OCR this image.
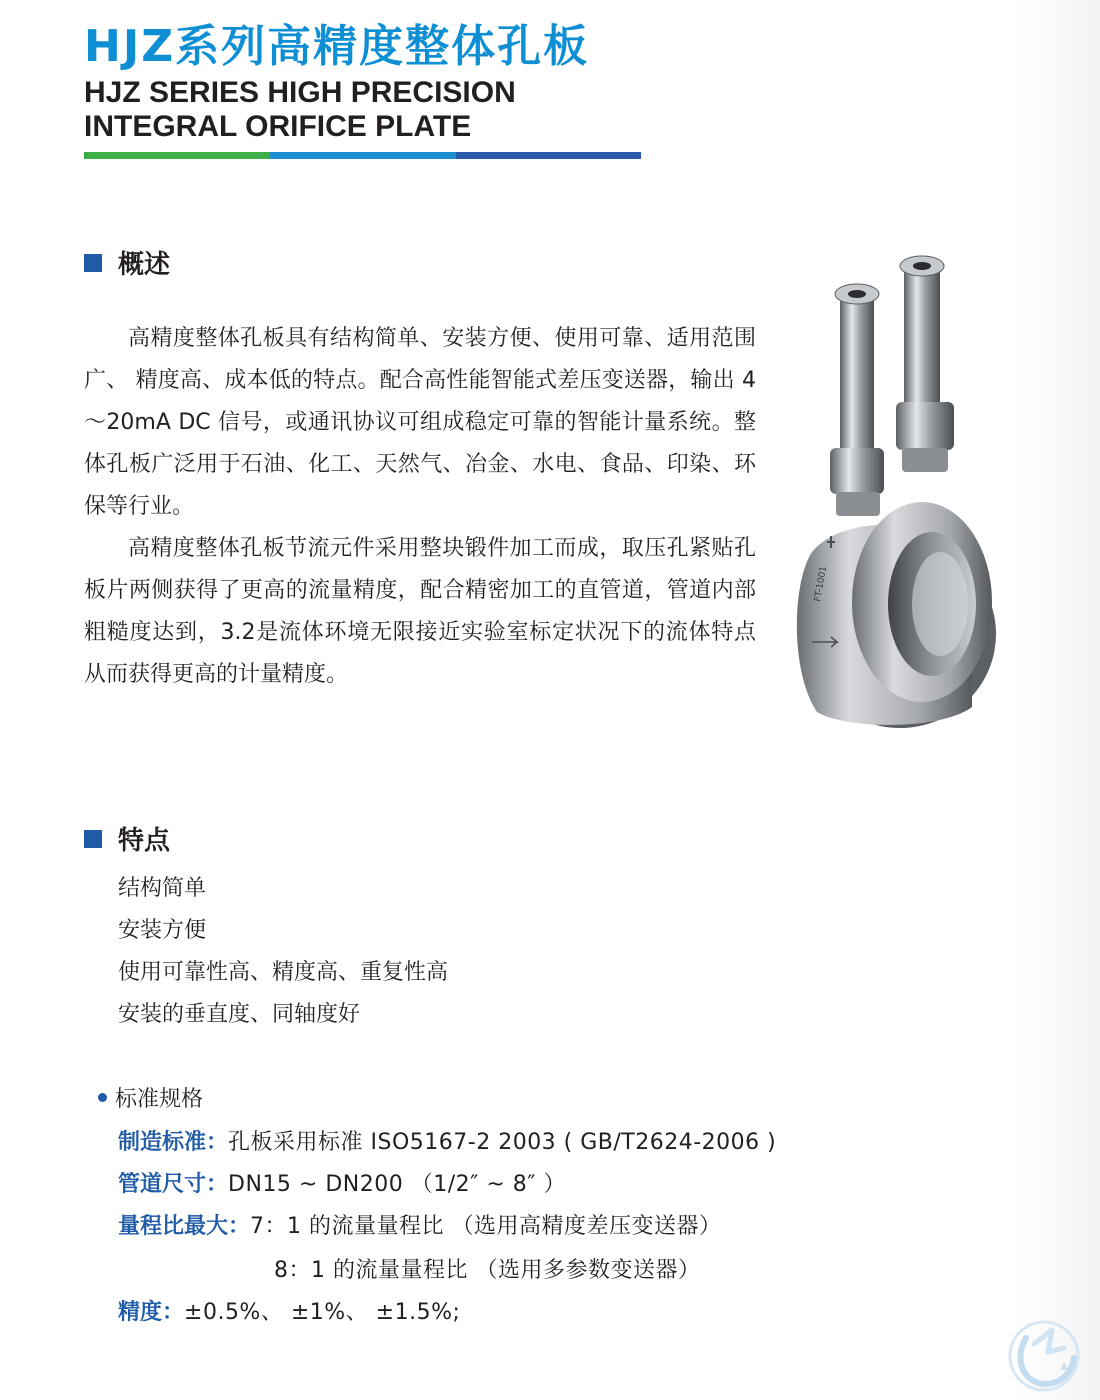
HJZ系列高精度整体孔板
HJZ SERIES HIGH PRECISION
INTEGRAL ORIFICE PLATE
概述

高精度整体孔板具有结构简单、安装方便、使用可靠、适用范围广、 精度高、成本低的特点。配合高性能智能式差压变送器，输出 4～20mA DC 信号，或通讯协议可组成稳定可靠的智能计量系统。整体孔板广泛用于石油、化工、天然气、冶金、水电、食品、印染、环保等行业。

高精度整体孔板节流元件采用整块锻件加工而成，取压孔紧贴孔板片两侧获得了更高的流量精度，配合精密加工的直管道，管道内部粗糙度达到，3.2是流体环境无限接近实验室标定状况下的流体特点从而获得更高的计量精度。

FT-1001
特点
结构简单
安装方便
使用可靠性高、精度高、重复性高
安装的垂直度、同轴度好
标准规格
制造标准：孔板采用标准 ISO5167-2 2003 ( GB/T2624-2006 )
管道尺寸：DN15 ~ DN200 （1/2″ ~ 8″ ）
量程比最大：7：1 的流量量程比 （选用高精度差压变送器）
8：1 的流量量程比 （选用多参数变送器）
精度：±0.5%、 ±1%、 ±1.5%;
